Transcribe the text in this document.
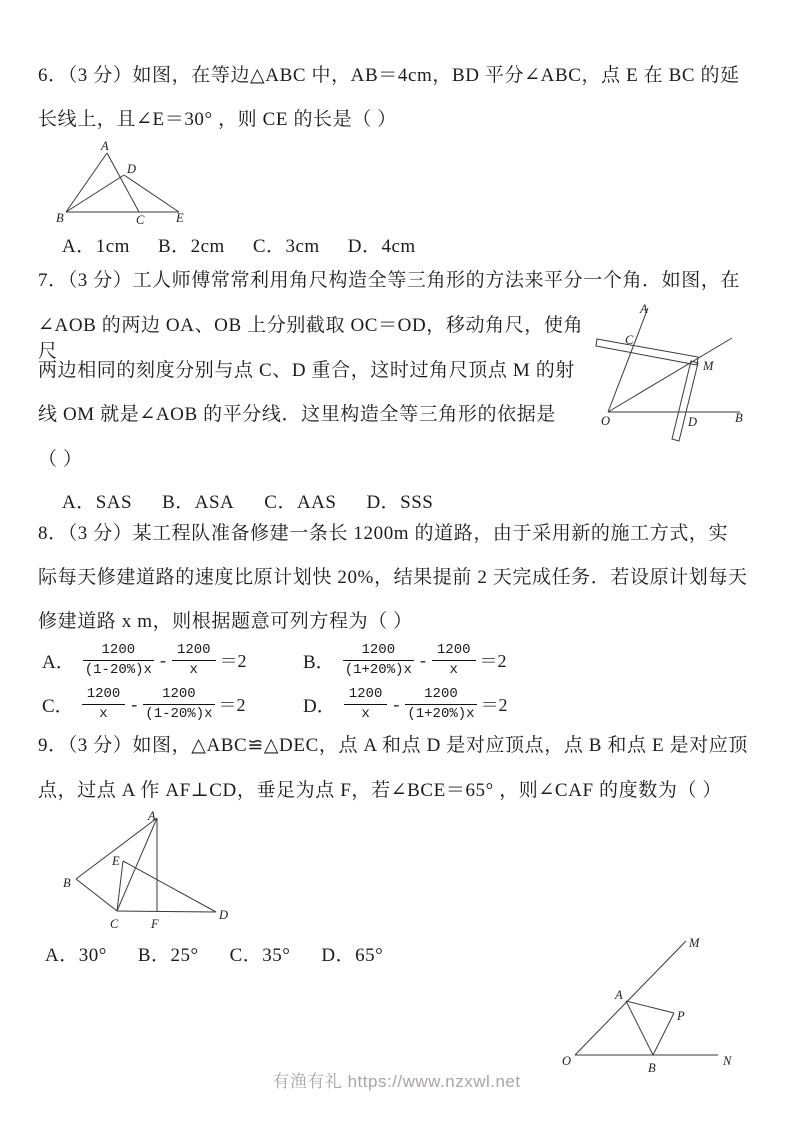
6．（3 分）如图，在等边△ABC 中，AB＝4cm，BD 平分∠ABC，点 E 在 BC 的延
长线上，且∠E＝30° ，则 CE 的长是（ ）
A
D
B	C	E
A．1cm B．2cm C．3cm D．4cm
7．（3 分）工人师傅常常利用角尺构造全等三角形的方法来平分一个角．如图，在
∠AOB 的两边 OA、OB 上分别截取 OC＝OD，移动角尺，使角尺
两边相同的刻度分别与点 C、D 重合，这时过角尺顶点 M 的射
线 OM 就是∠AOB 的平分线．这里构造全等三角形的依据是
（ ）
A
C
M
O	D	B
A．SAS B．ASA C．AAS D．SSS
8．（3 分）某工程队准备修建一条长 1200m 的道路，由于采用新的施工方式，实
际每天修建道路的速度比原计划快 20%，结果提前 2 天完成任务．若设原计划每天
修建道路 x m，则根据题意可列方程为（ ）
A． $\frac{1200}{(1-20\%)x} - \frac{1200}{x} =2$	B． $\frac{1200}{(1+20\%)x} - \frac{1200}{x} =2$
C． $\frac{1200}{x} - \frac{1200}{(1-20\%)x} =2$	D． $\frac{1200}{x} - \frac{1200}{(1+20\%)x} =2$
9．（3 分）如图，△ABC≌△DEC，点 A 和点 D 是对应顶点，点 B 和点 E 是对应顶
点，过点 A 作 AF⊥CD，垂足为点 F，若∠BCE＝65° ，则∠CAF 的度数为（ ）
A
E
B
C	F
D
A．30° B．25° C．35° D．65°
M
A
P
O	B	N
有渔有礼 https://www.nzxwl.net
